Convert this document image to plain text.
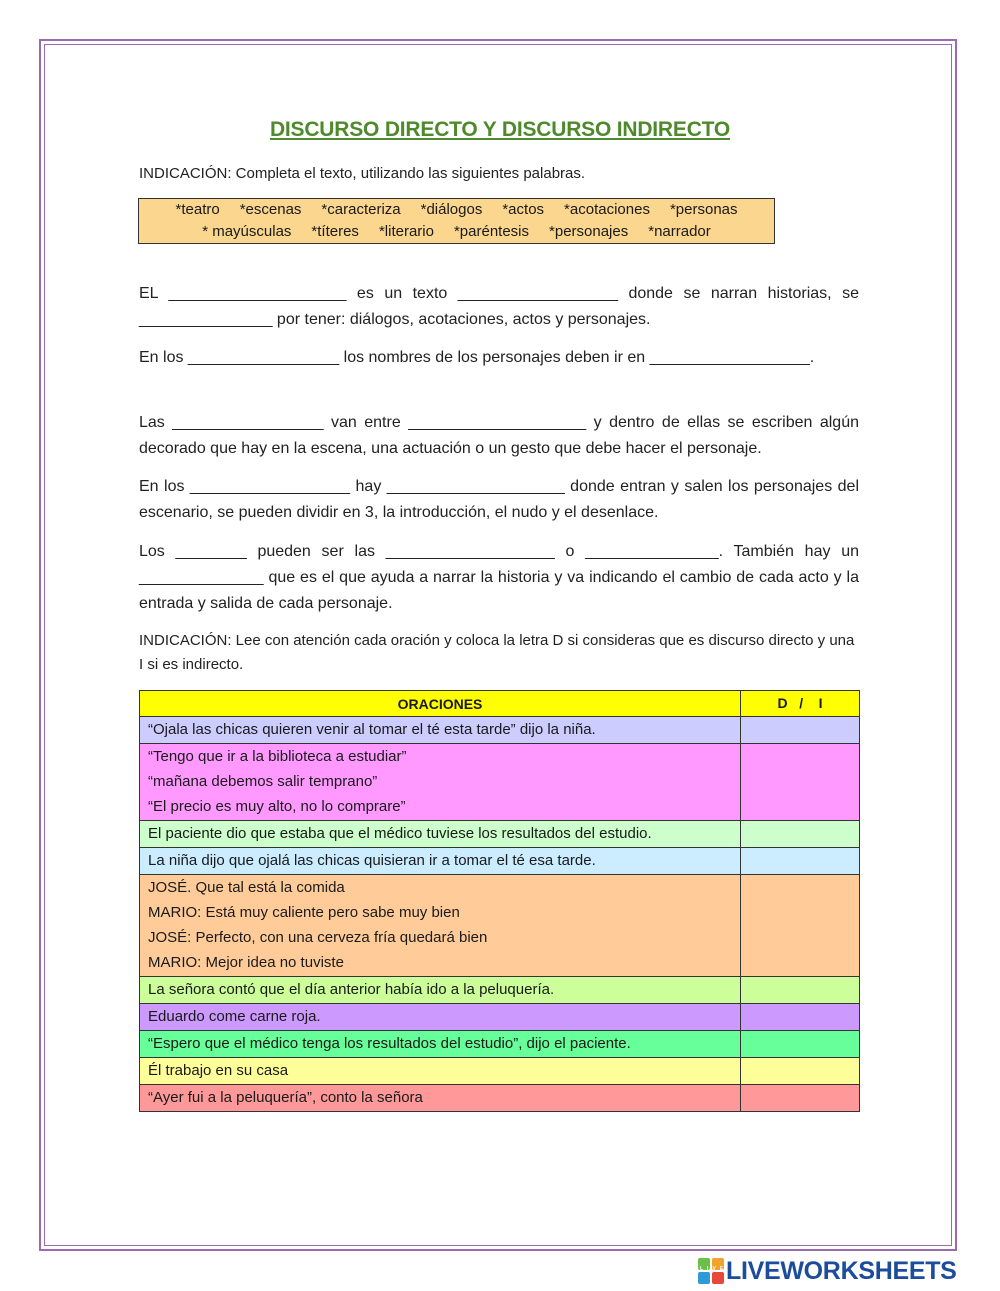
DISCURSO DIRECTO Y DISCURSO INDIRECTO
INDICACIÓN: Completa el texto, utilizando las siguientes palabras.
*teatro *escenas *caracteriza *diálogos *actos *acotaciones *personas
* mayúsculas *títeres *literario *paréntesis *personajes *narrador
EL ____________________ es un texto __________________ donde se narran historias, se _______________ por tener: diálogos, acotaciones, actos y personajes.
En los _________________ los nombres de los personajes deben ir en __________________.
Las _________________ van entre ____________________ y dentro de ellas se escriben algún decorado que hay en la escena, una actuación o un gesto que debe hacer el personaje.
En los __________________ hay ____________________ donde entran y salen los personajes del escenario, se pueden dividir en 3, la introducción, el nudo y el desenlace.
Los ________ pueden ser las ___________________ o _______________. También hay un ______________ que es el que ayuda a narrar la historia y va indicando el cambio de cada acto y la entrada y salida de cada personaje.
INDICACIÓN: Lee con atención cada oración y coloca la letra D si consideras que es discurso directo y una I si es indirecto.
ORACIONES	D   /    I
“Ojala las chicas quieren venir al tomar el té esta tarde” dijo la niña.
“Tengo que ir a la biblioteca a estudiar”
“mañana debemos salir temprano”
“El precio es muy alto, no lo comprare”
El paciente dio que estaba que el médico tuviese los resultados del estudio.
La niña dijo que ojalá las chicas quisieran ir a tomar el té esa tarde.
JOSÉ. Que tal está la comida
MARIO: Está muy caliente pero sabe muy bien
JOSÉ: Perfecto, con una cerveza fría quedará bien
MARIO: Mejor idea no tuviste
La señora contó que el día anterior había ido a la peluquería.
Eduardo come carne roja.
“Espero que el médico tenga los resultados del estudio”, dijo el paciente.
Él trabajo en su casa
“Ayer fui a la peluquería”, conto la señora
LIVE
LIVEWORKSHEETS
